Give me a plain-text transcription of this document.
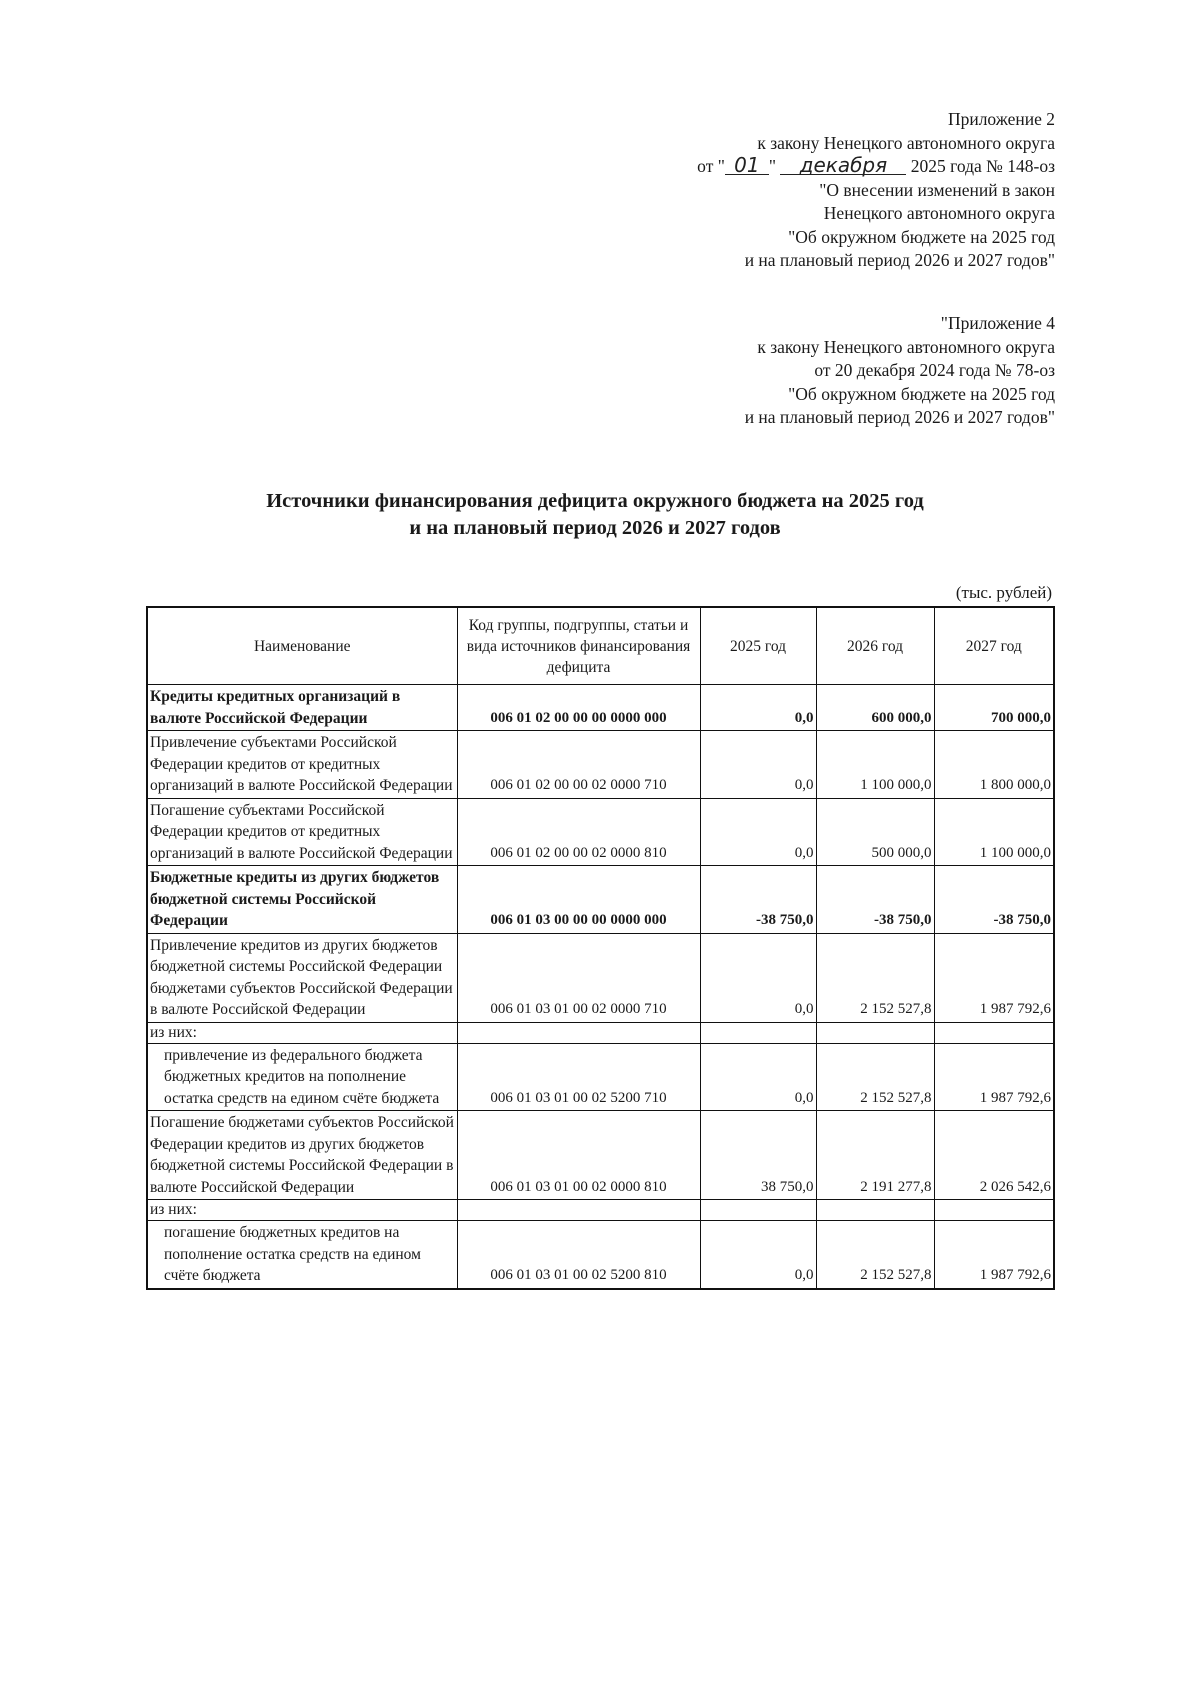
Приложение 2
к закону Ненецкого автономного округа
от " 01 " декабря 2025 года № 148-оз
"О внесении изменений в закон
Ненецкого автономного округа
"Об окружном бюджете на 2025 год
и на плановый период 2026 и 2027 годов"
"Приложение 4
к закону Ненецкого автономного округа
от 20 декабря 2024 года № 78-оз
"Об окружном бюджете на 2025 год
и на плановый период 2026 и 2027 годов"
Источники финансирования дефицита окружного бюджета на 2025 год
и на плановый период 2026 и 2027 годов
(тыс. рублей)
Наименование	Код группы, подгруппы, статьи и вида источников финансирования дефицита	2025 год	2026 год	2027 год
Кредиты кредитных организаций в валюте Российской Федерации	006 01 02 00 00 00 0000 000	0,0	600 000,0	700 000,0
Привлечение субъектами Российской Федерации кредитов от кредитных организаций в валюте Российской Федерации	006 01 02 00 00 02 0000 710	0,0	1 100 000,0	1 800 000,0
Погашение субъектами Российской Федерации кредитов от кредитных организаций в валюте Российской Федерации	006 01 02 00 00 02 0000 810	0,0	500 000,0	1 100 000,0
Бюджетные кредиты из других бюджетов бюджетной системы Российской Федерации	006 01 03 00 00 00 0000 000	-38 750,0	-38 750,0	-38 750,0
Привлечение кредитов из других бюджетов бюджетной системы Российской Федерации бюджетами субъектов Российской Федерации в валюте Российской Федерации	006 01 03 01 00 02 0000 710	0,0	2 152 527,8	1 987 792,6
из них:				
привлечение из федерального бюджета бюджетных кредитов на пополнение остатка средств на едином счёте бюджета	006 01 03 01 00 02 5200 710	0,0	2 152 527,8	1 987 792,6
Погашение бюджетами субъектов Российской Федерации кредитов из других бюджетов бюджетной системы Российской Федерации в валюте Российской Федерации	006 01 03 01 00 02 0000 810	38 750,0	2 191 277,8	2 026 542,6
из них:				
погашение бюджетных кредитов на пополнение остатка средств на едином счёте бюджета	006 01 03 01 00 02 5200 810	0,0	2 152 527,8	1 987 792,6
